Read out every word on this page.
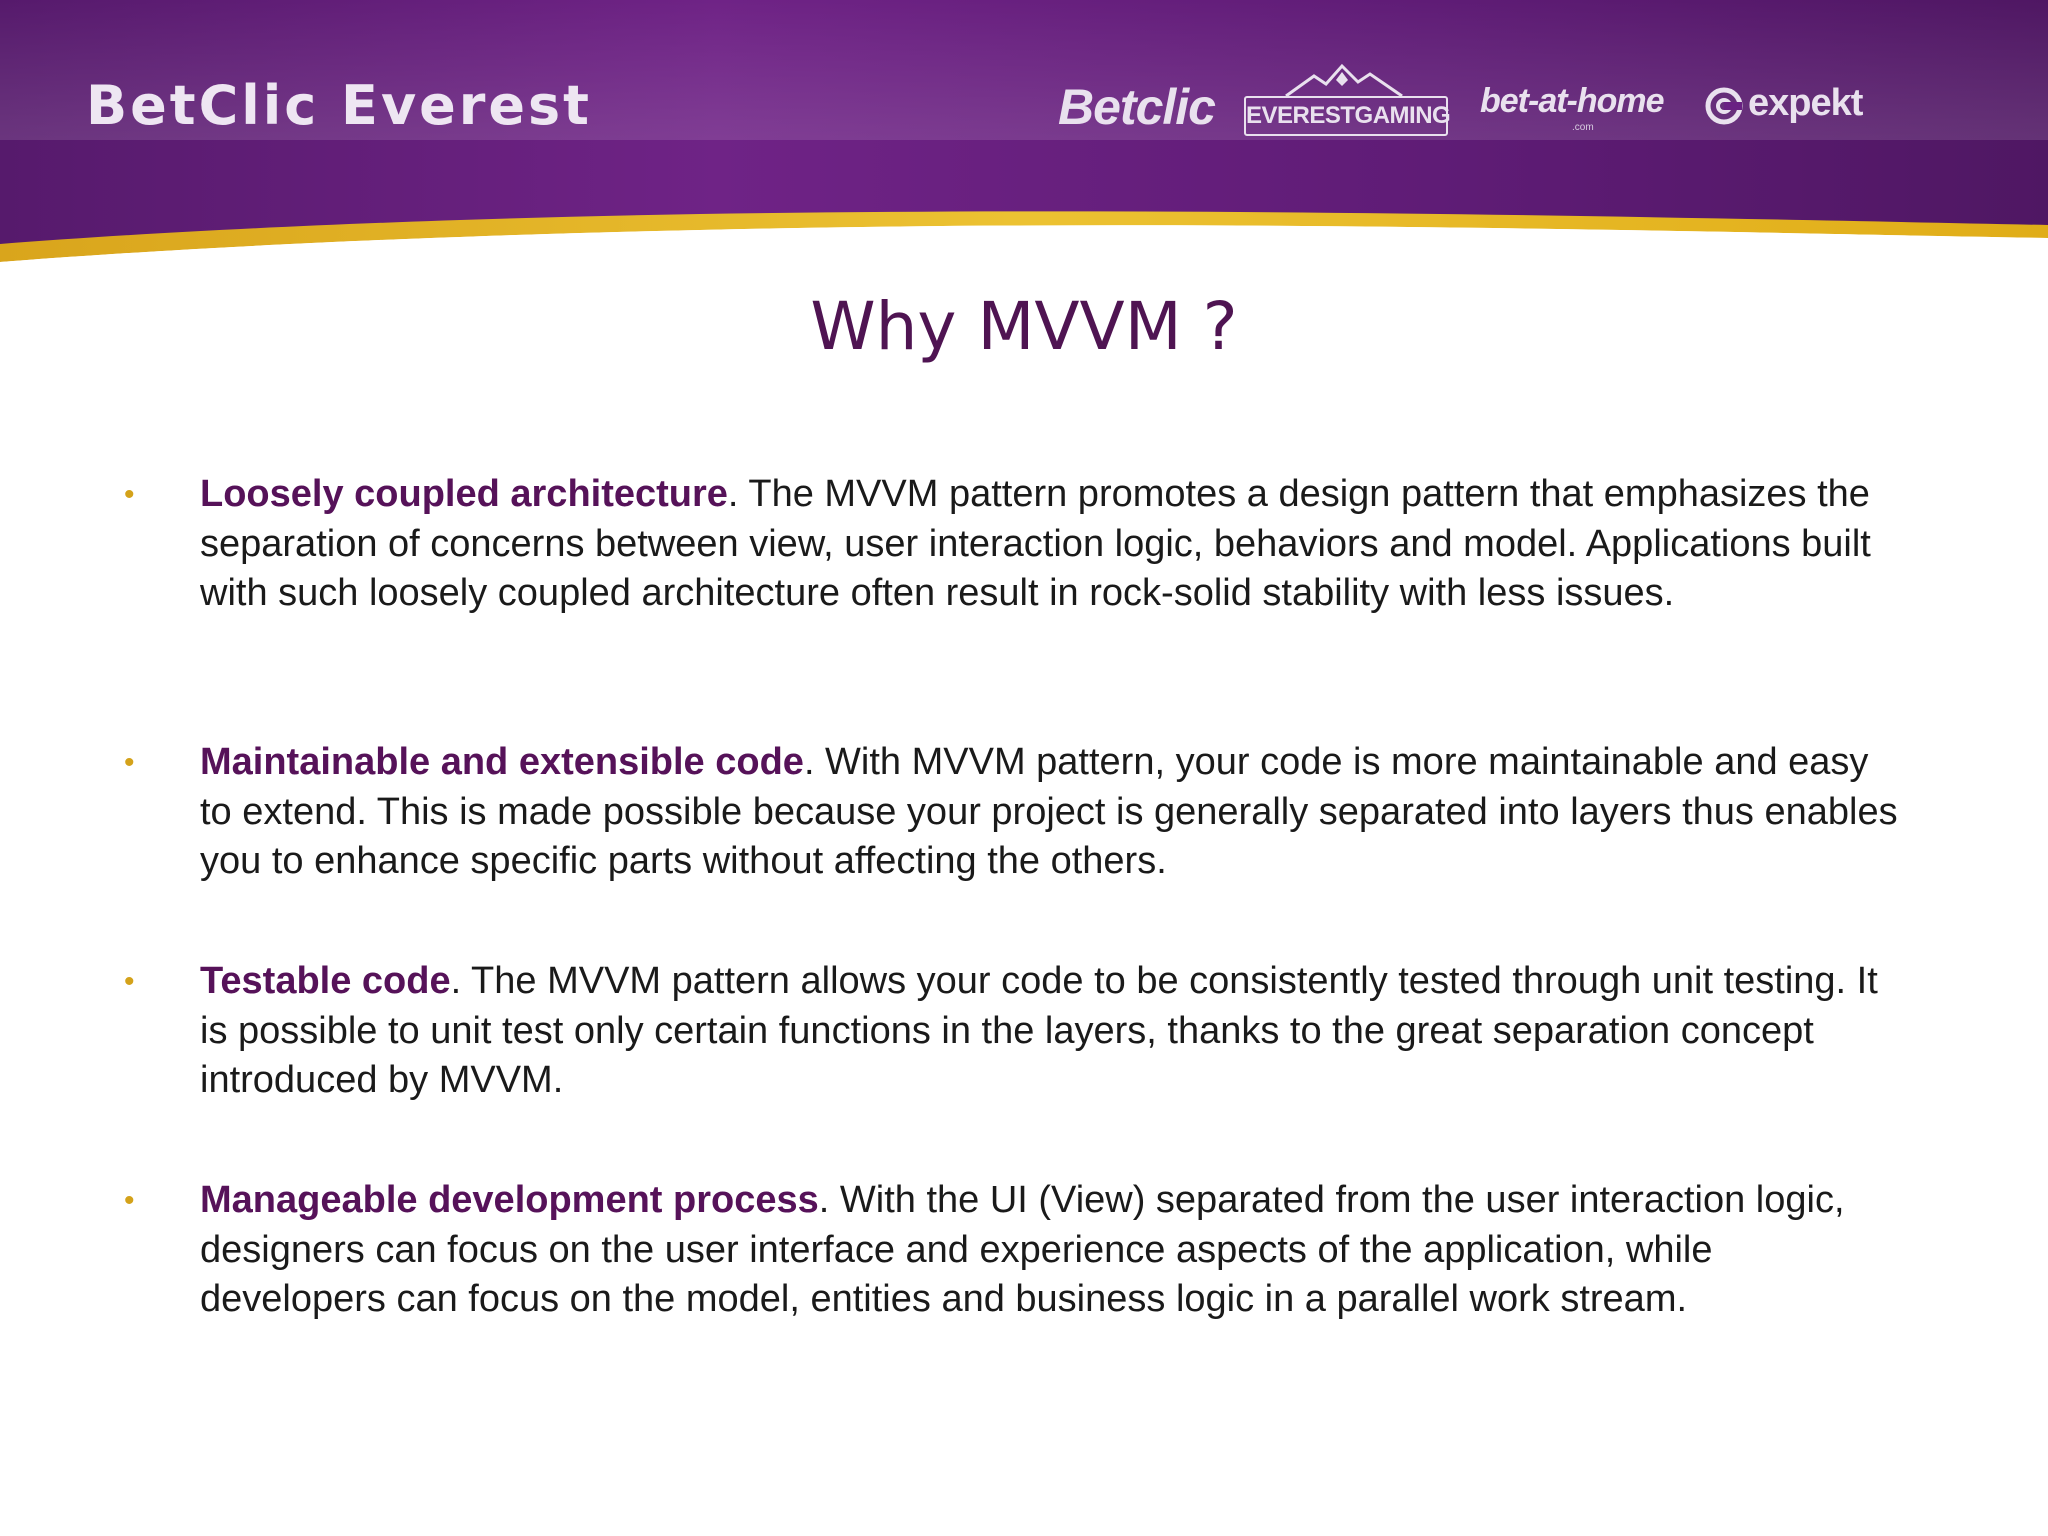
BetClic Everest	Betclic EVERESTGAMING bet-at-home
.com
expekt
Why MVVM ?
• Loosely coupled architecture. The MVVM pattern promotes a design pattern that emphasizes the separation of concerns between view, user interaction logic, behaviors and model. Applications built with such loosely coupled architecture often result in rock-solid stability with less issues.
• Maintainable and extensible code. With MVVM pattern, your code is more maintainable and easy to extend. This is made possible because your project is generally separated into layers thus enables you to enhance specific parts without affecting the others.
• Testable code. The MVVM pattern allows your code to be consistently tested through unit testing. It is possible to unit test only certain functions in the layers, thanks to the great separation concept introduced by MVVM.
• Manageable development process. With the UI (View) separated from the user interaction logic, designers can focus on the user interface and experience aspects of the application, while developers can focus on the model, entities and business logic in a parallel work stream.
